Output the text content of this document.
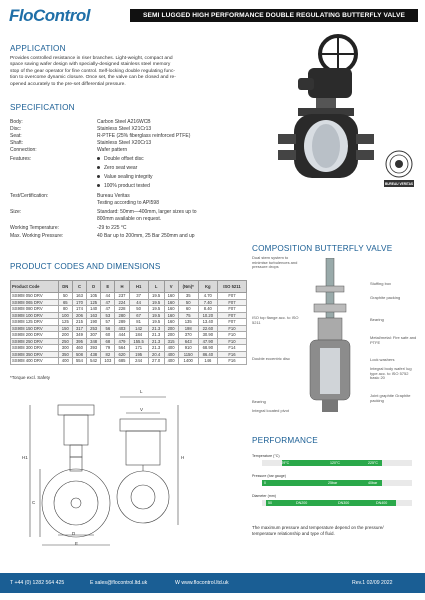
FloControl	SEMI LUGGED HIGH PERFORMANCE DOUBLE REGULATING BUTTERFLY VALVE
APPLICATION
Provides controlled resistance in riser branches. Light-weight, compact and
space saving wafer design with specially-designed stainless steel memory
stop of the gear operator for fine control. Self-locking double regulating func-
tion to overcome dynamic closure. Once set, the valve can be closed and re-
opened accurately to the pre-set differential pressure.
SPECIFICATION
Body:	Carbon Steel A216WCB
Disc:	Stainless Steel X21Cr13
Seat:	R-PTFE (25% fiberglass reinforced PTFE)
Shaft:	Stainless Steel X20Cr13
Connection:	Wafer pattern
Features:	Double offset disc
Zero seat wear
Value sealing integrity
100% product tested
Test/Certification:	Bureau Veritas
Testing according to API598
Size:	Standard: 50mm—400mm, larger sizes up to
800mm available on request.
Working Temperature:	-29 to 225 °C
Max. Working Pressure:	40 Bar up to 200mm, 25 Bar 250mm and up
BUREAU VERITAS
PRODUCT CODES AND DIMENSIONS
Product Code	DN	C	D	E	H	H1	L	V	(Nm)*	Kg	ISO 5211
SS908 050 DRV	50	163	105	44	237	37	19.5	160	35	4.70	F07
SS908 065 DRV	65	170	125	47	224	44	19.5	160	50	7.40	F07
SS908 080 DRV	80	174	140	47	228	50	19.5	160	60	8.40	F07
SS908 100 DRV	100	206	163	53	280	67	19.5	160	75	10.20	F07
SS908 125 DRV	125	215	190	57	289	81	19.5	160	135	13.40	F07
SS908 150 DRV	150	317	253	56	403	142	21.3	200	198	22.60	F10
SS908 200 DRV	200	349	307	60	444	184	21.3	200	370	30.90	F10
SS908 250 DRV	250	395	348	68	479	155.5	21.3	315	643	47.90	F10
SS908 300 DRV	300	460	393	79	564	171	21.3	400	910	68.90	F14
SS908 350 DRV	350	508	438	82	620	195	20.4	400	1150	86.40	F16
SS908 400 DRV	400	554	542	103	685	244	27.0	400	1400	146	F16
*Torque excl. Safety
L
V
H1	H
C
D
E
COMPOSITION BUTTERFLY VALVE
Dual stem system to minimise turbulences and pressure drops
ISO top flange acc. to ISO 5211
Double eccentric disc
Bearing
Integral located pivot
Stuffing box
Graphite packing
Bearing
Metal/metal: Fire safe and PTFE
Lock washers
Integral body wafer/ lug type acc. to ISO 5752 basic 20
Joint graphite Graphite packing
PERFORMANCE
Temperature (°C)
-29°C	120°C	225°C
Pressure (bar gauge)
0	25bar	40bar
Diameter (mm)
50	DN200	DN300	DN400
The maximum pressure and temperature depend on the pressure/
temperature relationship and type of fluid.
T +44 (0) 1282 564 425	E sales@flocontrol.ltd.uk	W www.flocontrol.ltd.uk	Rev.1 02/09 2022
